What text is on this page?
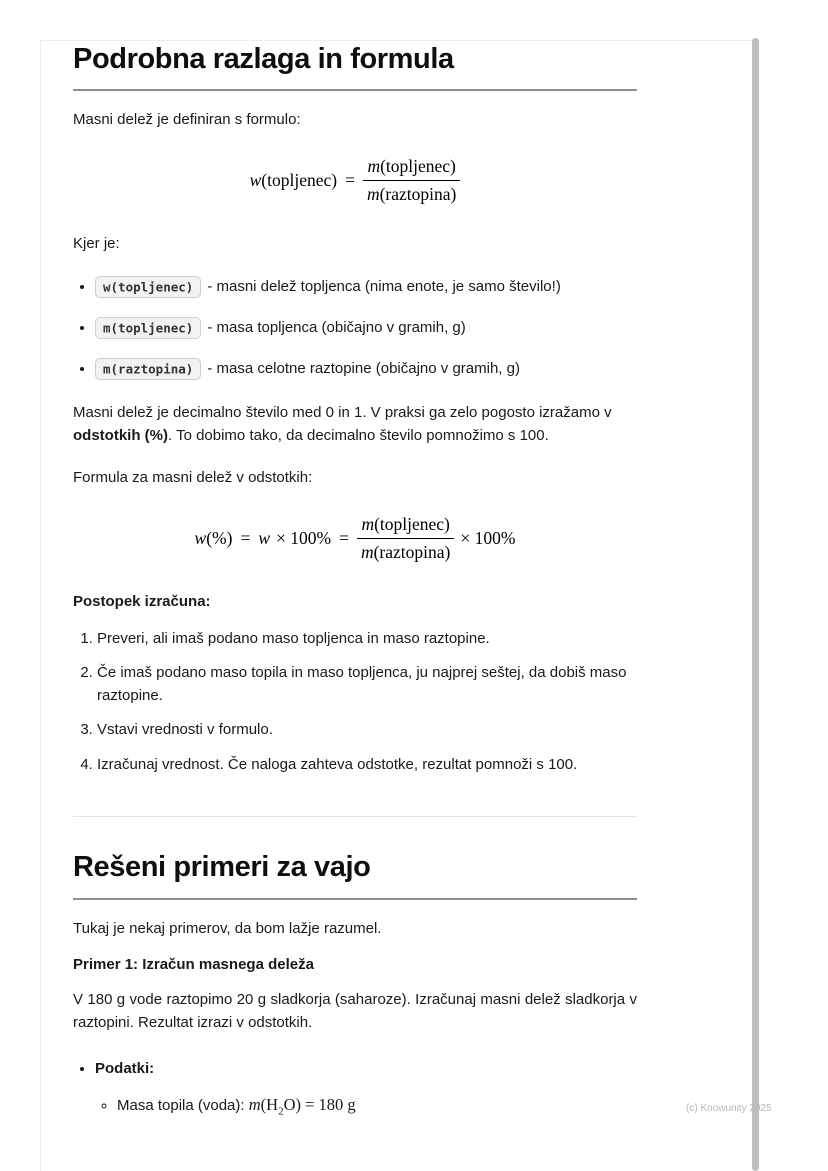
Podrobna razlaga in formula

Masni delež je definiran s formulo:

w(topljenec) = $\frac{\text{m(topljenec)}}{\text{m(raztopina)}}$

Kjer je:

• w(topljenec) - masni delež topljenca (nima enote, je samo število!)
• m(topljenec) - masa topljenca (običajno v gramih, g)
• m(raztopina) - masa celotne raztopine (običajno v gramih, g)

Masni delež je decimalno število med 0 in 1. V praksi ga zelo pogosto izražamo v odstotkih (%). To dobimo tako, da decimalno število pomnožimo s 100.

Formula za masni delež v odstotkih:

$w(\%) = w \times 100\% = \frac{\text{m(topljenec)}}{\text{m(raztopina)}} \times 100\%$

Postopek izračuna:

1. Preveri, ali imaš podano maso topljenca in maso raztopine.
2. Če imaš podano maso topila in maso topljenca, ju najprej seštej, da dobiš maso raztopine.
3. Vstavi vrednosti v formulo.
4. Izračunaj vrednost. Če naloga zahteva odstotke, rezultat pomnoži s 100.
Rešeni primeri za vajo

Tukaj je nekaj primerov, da bom lažje razumel.

Primer 1: Izračun masnega deleža

V 180 g vode raztopimo 20 g sladkorja (saharoze). Izračunaj masni delež sladkorja v raztopini. Rezultat izrazi v odstotkih.

• Podatki:
◦ Masa topila (voda): $m(H_2O) = 180$ g	(c) Knowunity 2025
